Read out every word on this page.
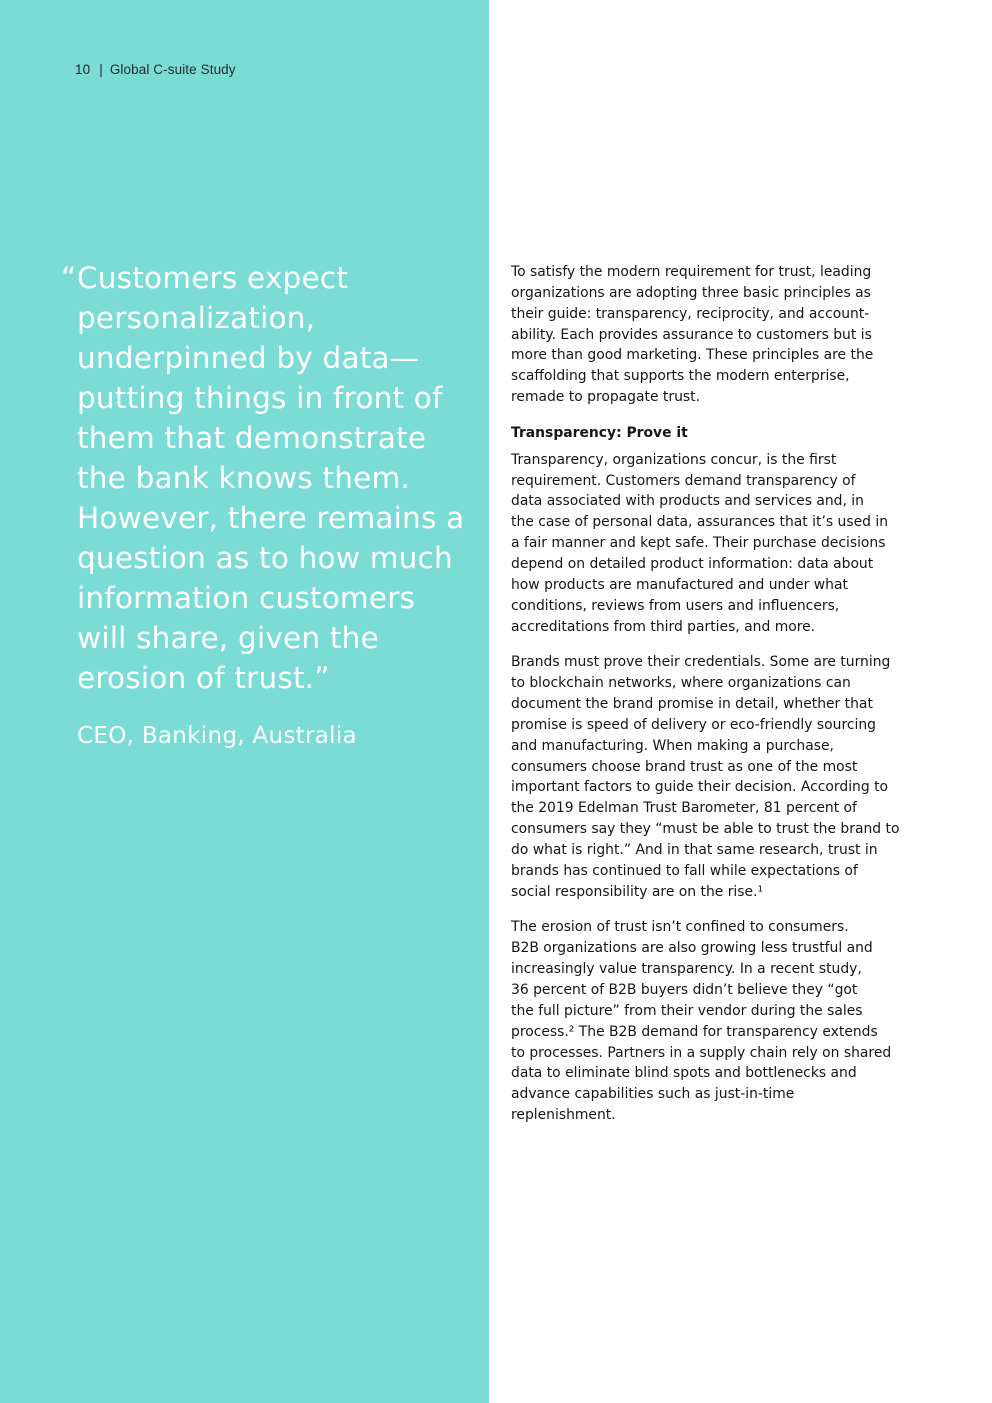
10 | Global C-suite Study
“ Customers expect
personalization,
underpinned by data—
putting things in front of
them that demonstrate
the bank knows them.
However, there remains a
question as to how much
information customers
will share, given the
erosion of trust.”
CEO, Banking, Australia
To satisfy the modern requirement for trust, leading
organizations are adopting three basic principles as
their guide: transparency, reciprocity, and account-
ability. Each provides assurance to customers but is
more than good marketing. These principles are the
scaffolding that supports the modern enterprise,
remade to propagate trust.
Transparency: Prove it
Transparency, organizations concur, is the first
requirement. Customers demand transparency of
data associated with products and services and, in
the case of personal data, assurances that it’s used in
a fair manner and kept safe. Their purchase decisions
depend on detailed product information: data about
how products are manufactured and under what
conditions, reviews from users and influencers,
accreditations from third parties, and more.
Brands must prove their credentials. Some are turning
to blockchain networks, where organizations can
document the brand promise in detail, whether that
promise is speed of delivery or eco-friendly sourcing
and manufacturing. When making a purchase,
consumers choose brand trust as one of the most
important factors to guide their decision. According to
the 2019 Edelman Trust Barometer, 81 percent of
consumers say they “must be able to trust the brand to
do what is right.” And in that same research, trust in
brands has continued to fall while expectations of
social responsibility are on the rise.¹
The erosion of trust isn’t confined to consumers.
B2B organizations are also growing less trustful and
increasingly value transparency. In a recent study,
36 percent of B2B buyers didn’t believe they “got
the full picture” from their vendor during the sales
process.² The B2B demand for transparency extends
to processes. Partners in a supply chain rely on shared
data to eliminate blind spots and bottlenecks and
advance capabilities such as just-in-time
replenishment.
